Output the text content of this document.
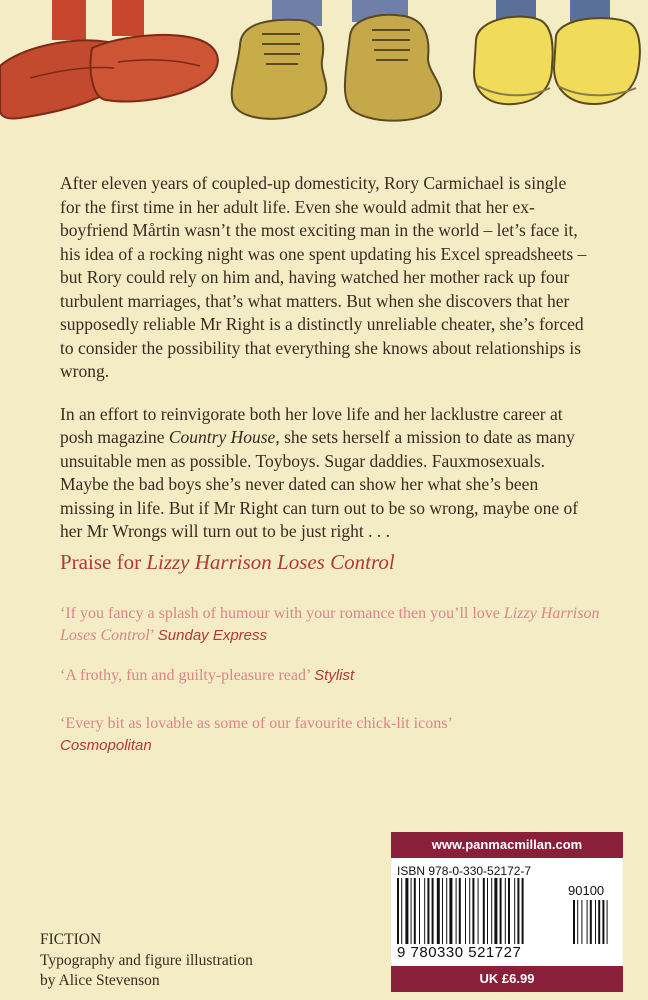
After eleven years of coupled-up domesticity, Rory Carmichael is single for the first time in her adult life. Even she would admit that her ex-boyfriend Mårtin wasn’t the most exciting man in the world – let’s face it, his idea of a rocking night was one spent updating his Excel spreadsheets – but Rory could rely on him and, having watched her mother rack up four turbulent marriages, that’s what matters. But when she discovers that her supposedly reliable Mr Right is a distinctly unreliable cheater, she’s forced to consider the possibility that everything she knows about relationships is wrong.

In an effort to reinvigorate both her love life and her lacklustre career at posh magazine Country House, she sets herself a mission to date as many unsuitable men as possible. Toyboys. Sugar daddies. Fauxmosexuals. Maybe the bad boys she’s never dated can show her what she’s been missing in life. But if Mr Right can turn out to be so wrong, maybe one of her Mr Wrongs will turn out to be just right . . .

Praise for Lizzy Harrison Loses Control
‘If you fancy a splash of humour with your romance then you’ll love Lizzy Harrison Loses Control’ Sunday Express
‘A frothy, fun and guilty-pleasure read’ Stylist
‘Every bit as lovable as some of our favourite chick-lit icons’
Cosmopolitan
FICTION
Typography and figure illustration
by Alice Stevenson
www.panmacmillan.com
ISBN 978-0-330-52172-7
90100
9 780330 521727
UK £6.99
